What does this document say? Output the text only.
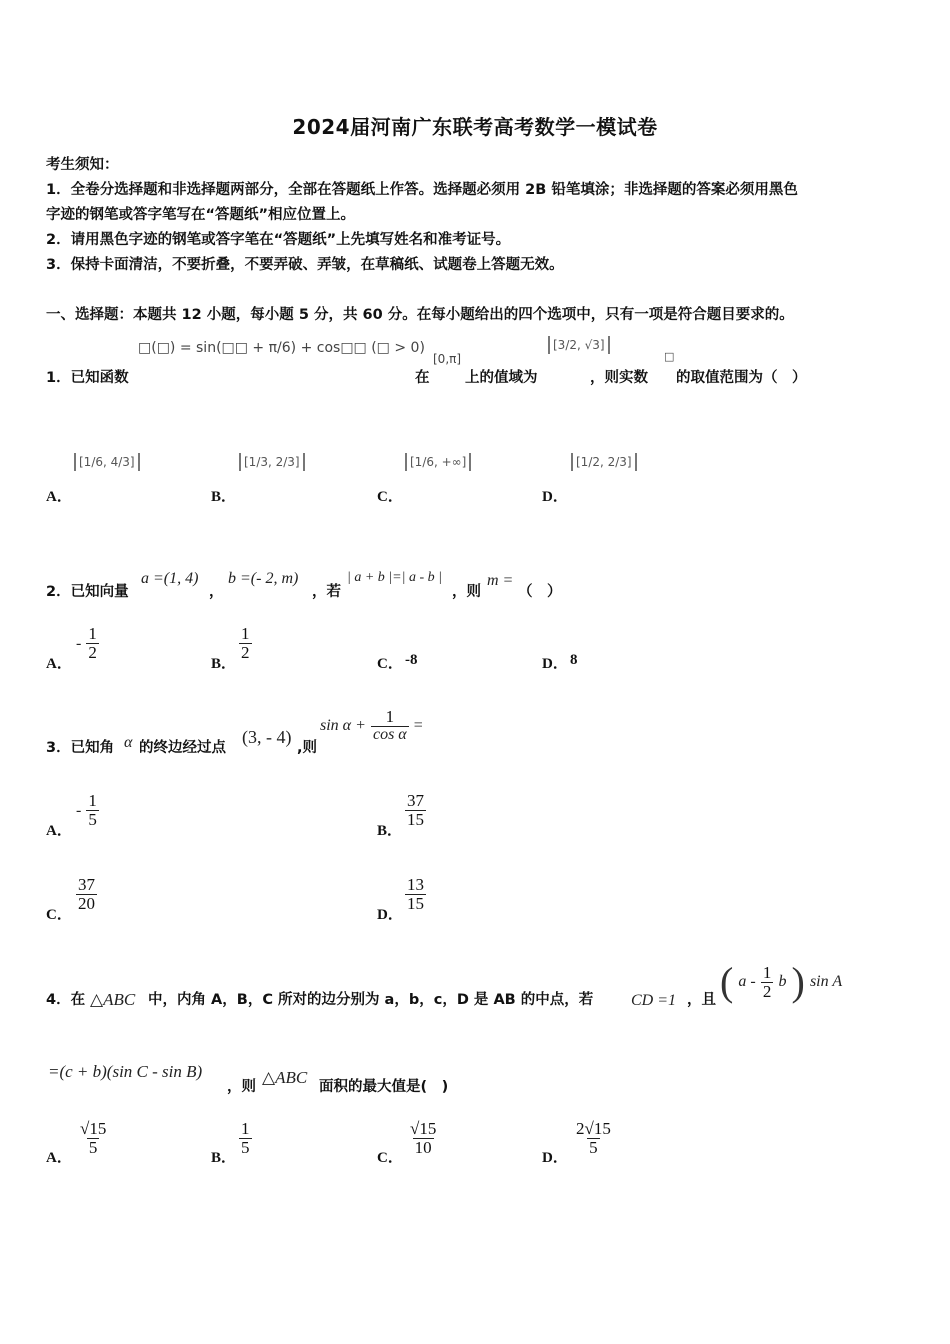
2024届河南广东联考高考数学一模试卷
考生须知：
1．全卷分选择题和非选择题两部分，全部在答题纸上作答。选择题必须用 2B 铅笔填涂；非选择题的答案必须用黑色
字迹的钢笔或答字笔写在“答题纸”相应位置上。
2．请用黑色字迹的钢笔或答字笔在“答题纸”上先填写姓名和准考证号。
3．保持卡面清洁，不要折叠，不要弄破、弄皱，在草稿纸、试题卷上答题无效。
一、选择题：本题共 12 小题，每小题 5 分，共 60 分。在每小题给出的四个选项中，只有一项是符合题目要求的。
□(□) = sin(□□ + π/6) + cos□□ (□ > 0)
1．已知函数	在
[0,π]
上的值域为
[3/2, √3]
，则实数
□
的取值范围为（　）
A．
[1/6, 4/3]
B．
[1/3, 2/3]
C．
[1/6, +∞]
D．
[1/2, 2/3]
2．已知向量
a =(1, 4)
，
b =(- 2, m)
，若
| a + b |=| a - b |
，则
m =
（　）
A．
- $\frac{1}{2}$
B．
$\frac{1}{2}$
C． -8	D． 8
3．已知角 α 的终边经过点
(3, - 4)
,则
$\sin \alpha + \frac{1}{\text{cos α}}$ =
A．
- $\frac{1}{5}$
B．
$\frac{37}{15}$
C．
$\frac{37}{20}$
D．
$\frac{13}{15}$
4．在 △ABC 中，内角 A，B，C 所对的边分别为 a，b，c，D 是 AB 的中点，若 CD =1 ，且 ( a - $\frac{1}{2}$ b ) sin A
=(c + b)(sin C - sin B)
，则 △ABC 面积的最大值是(　)
A．
$\frac{√15}{5}$
B．
$\frac{1}{5}$
C．
$\frac{√15}{10}$
D．
$\frac{2√15}{5}$
